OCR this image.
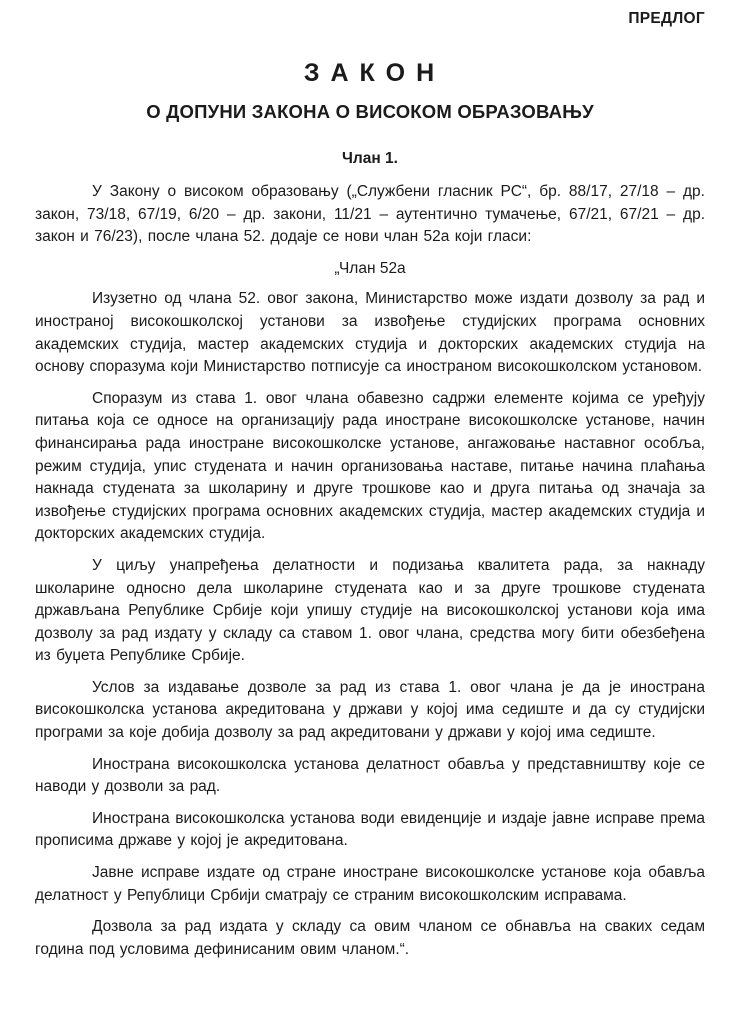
ПРЕДЛОГ
З А К О Н
О ДОПУНИ ЗАКОНА О ВИСОКОМ ОБРАЗОВАЊУ
Члан 1.

У Закону о високом образовању („Службени гласник РС“, бр. 88/17, 27/18 – др. закон, 73/18, 67/19, 6/20 – др. закони, 11/21 – аутентично тумачење, 67/21, 67/21 – др. закон и 76/23), после члана 52. додаје се нови члан 52а који гласи:

„Члан 52а

Изузетно од члана 52. овог закона, Министарство може издати дозволу за рад и иностраној високошколској установи за извођење студијских програма основних академских студија, мастер академских студија и докторских академских студија на основу споразума који Министарство потписује са иностраном високошколском установом.

Споразум из става 1. овог члана обавезно садржи елементе којима се уређују питања која се односе на организацију рада иностране високошколске установе, начин финансирања рада иностране високошколске установе, ангажовање наставног особља, режим студија, упис студената и начин организовања наставе, питање начина плаћања накнада студената за школарину и друге трошкове као и друга питања од значаја за извођење студијских програма основних академских студија, мастер академских студија и докторских академских студија.

У циљу унапређења делатности и подизања квалитета рада, за накнаду школарине односно дела школарине студената као и за друге трошкове студената држављана Републике Србије који упишу студије на високошколској установи која има дозволу за рад издату у складу са ставом 1. овог члана, средства могу бити обезбеђена из буџета Републике Србије.

Услов за издавање дозволе за рад из става 1. овог члана је да је инострана високошколска установа акредитована у држави у којој има седиште и да су студијски програми за које добија дозволу за рад акредитовани у држави у којој има седиште.

Инострана високошколска установа делатност обавља у представништву које се наводи у дозволи за рад.

Инострана високошколска установа води евиденције и издаје јавне исправе према прописима државе у којој је акредитована.

Јавне исправе издате од стране иностране високошколске установе која обавља делатност у Републици Србији сматрају се страним високошколским исправама.

Дозвола за рад издата у складу са овим чланом се обнавља на сваких седам година под условима дефинисаним овим чланом.“.
